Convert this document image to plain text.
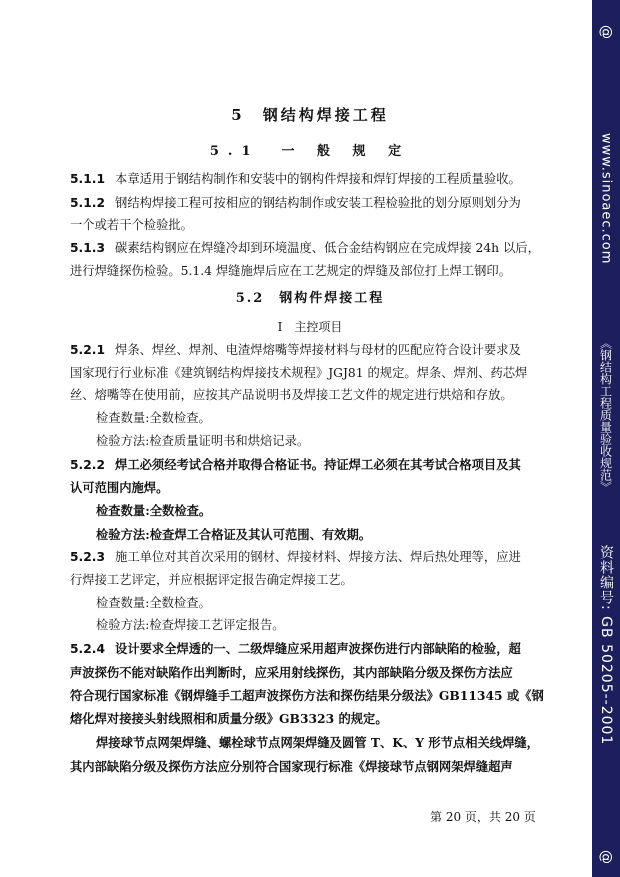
5　钢结构焊接工程
5.1　一 般 规 定
5.1.1 本章适用于钢结构制作和安装中的钢构件焊接和焊钉焊接的工程质量验收。
5.1.2 钢结构焊接工程可按相应的钢结构制作或安装工程检验批的划分原则划分为
一个或若干个检验批。
5.1.3 碳素结构钢应在焊缝冷却到环境温度、低合金结构钢应在完成焊接 24h 以后，
进行焊缝探伤检验。5.1.4 焊缝施焊后应在工艺规定的焊缝及部位打上焊工钢印。
5.2　钢构件焊接工程
Ⅰ　主控项目
5.2.1 焊条、焊丝、焊剂、电渣焊熔嘴等焊接材料与母材的匹配应符合设计要求及
国家现行行业标准《建筑钢结构焊接技术规程》JGJ81 的规定。焊条、焊剂、药芯焊
丝、熔嘴等在使用前，应按其产品说明书及焊接工艺文件的规定进行烘焙和存放。
检查数量:全数检查。
检验方法:检查质量证明书和烘焙记录。
5.2.2 焊工必须经考试合格并取得合格证书。持证焊工必须在其考试合格项目及其
认可范围内施焊。
检查数量:全数检查。
检验方法:检查焊工合格证及其认可范围、有效期。
5.2.3 施工单位对其首次采用的钢材、焊接材料、焊接方法、焊后热处理等，应进
行焊接工艺评定，并应根据评定报告确定焊接工艺。
检查数量:全数检查。
检验方法:检查焊接工艺评定报告。
5.2.4 设计要求全焊透的一、二级焊缝应采用超声波探伤进行内部缺陷的检验，超
声波探伤不能对缺陷作出判断时，应采用射线探伤，其内部缺陷分级及探伤方法应
符合现行国家标准《钢焊缝手工超声波探伤方法和探伤结果分级法》GB11345 或《钢
熔化焊对接接头射线照相和质量分级》GB3323 的规定。
焊接球节点网架焊缝、螺栓球节点网架焊缝及圆管 T、K、Y 形节点相关线焊缝，
其内部缺陷分级及探伤方法应分别符合国家现行标准《焊接球节点钢网架焊缝超声
第 20 页，共 20 页
@
www.sinoaec.com
《钢结构工程质量验收规范》
资料编号: GB 50205--2001
@
